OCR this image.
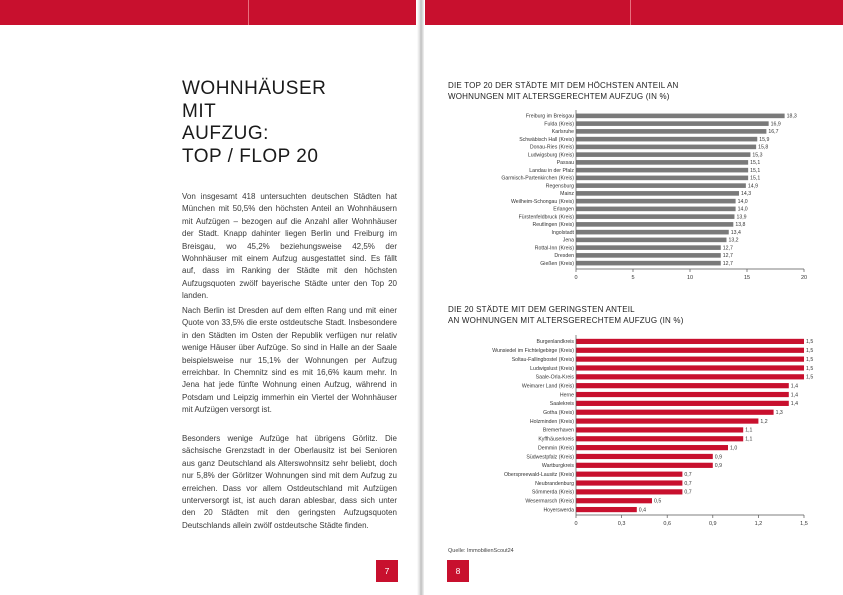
WOHNHÄUSER
MIT
AUFZUG:
TOP / FLOP 20

Von insgesamt 418 untersuchten deutschen Städten hat München mit 50,5% den höchsten Anteil an Wohnhäusern mit Aufzügen – bezogen auf die Anzahl aller Wohnhäuser der Stadt. Knapp dahinter liegen Berlin und Freiburg im Breisgau, wo 45,2% beziehungsweise 42,5% der Wohnhäuser mit einem Aufzug ausgestattet sind. Es fällt auf, dass im Ranking der Städte mit den höchsten Aufzugsquoten zwölf bayerische Städte unter den Top 20 landen.

Nach Berlin ist Dresden auf dem elften Rang und mit einer Quote von 33,5% die erste ostdeutsche Stadt. Insbesondere in den Städten im Osten der Republik verfügen nur relativ wenige Häuser über Aufzüge. So sind in Halle an der Saale beispielsweise nur 15,1% der Wohnungen per Aufzug erreichbar. In Chemnitz sind es mit 16,6% kaum mehr. In Jena hat jede fünfte Wohnung einen Aufzug, während in Potsdam und Leipzig immerhin ein Viertel der Wohnhäuser mit Aufzügen versorgt ist.

Besonders wenige Aufzüge hat übrigens Görlitz. Die sächsische Grenzstadt in der Oberlausitz ist bei Senioren aus ganz Deutschland als Alterswohnsitz sehr beliebt, doch nur 5,8% der Görlitzer Wohnungen sind mit dem Aufzug zu erreichen. Dass vor allem Ostdeutschland mit Aufzügen unterversorgt ist, ist auch daran ablesbar, dass sich unter den 20 Städten mit den geringsten Aufzugsquoten Deutschlands allein zwölf ostdeutsche Städte finden.

7
DIE TOP 20 DER STÄDTE MIT DEM HÖCHSTEN ANTEIL AN
WOHNUNGEN MIT ALTERSGERECHTEM AUFZUG (IN %)
Freiburg im Breisgau	18,3
Fulda (Kreis)	16,9
Karlsruhe	16,7
Schwäbisch Hall (Kreis)	15,9
Donau-Ries (Kreis)	15,8
Ludwigsburg (Kreis)	15,3
Passau	15,1
Landau in der Pfalz	15,1
Garmisch-Partenkirchen (Kreis)	15,1
Regensburg	14,9
Mainz	14,3
Weilheim-Schongau (Kreis)	14,0
Erlangen	14,0
Fürstenfeldbruck (Kreis)	13,9
Reutlingen (Kreis)	13,8
Ingolstadt	13,4
Jena	13,2
Rottal-Inn (Kreis)	12,7
Dresden	12,7
Gießen (Kreis)	12,7
0	5	10	15	20
DIE 20 STÄDTE MIT DEM GERINGSTEN ANTEIL
AN WOHNUNGEN MIT ALTERSGERECHTEM AUFZUG (IN %)
Burgenlandkreis	1,5
Wunsiedel im Fichtelgebirge (Kreis)	1,5
Soltau-Fallingbostel (Kreis)	1,5
Ludwigslust (Kreis)	1,5
Saale-Orla-Kreis	1,5
Weimarer Land (Kreis)	1,4
Herne	1,4
Saalekreis	1,4
Gotha (Kreis)	1,3
Holzminden (Kreis)	1,2
Bremerhaven	1,1
Kyffhäuserkreis	1,1
Demmin (Kreis)	1,0
Südwestpfalz (Kreis)	0,9
Wartburgkreis	0,9
Oberspreewald-Lausitz (Kreis)	0,7
Neubrandenburg	0,7
Sömmerda (Kreis)	0,7
Wesermarsch (Kreis)	0,5
Hoyerswerda	0,4
0	0,3	0,6	0,9	1,2	1,5
Quelle: ImmobilienScout24
8
